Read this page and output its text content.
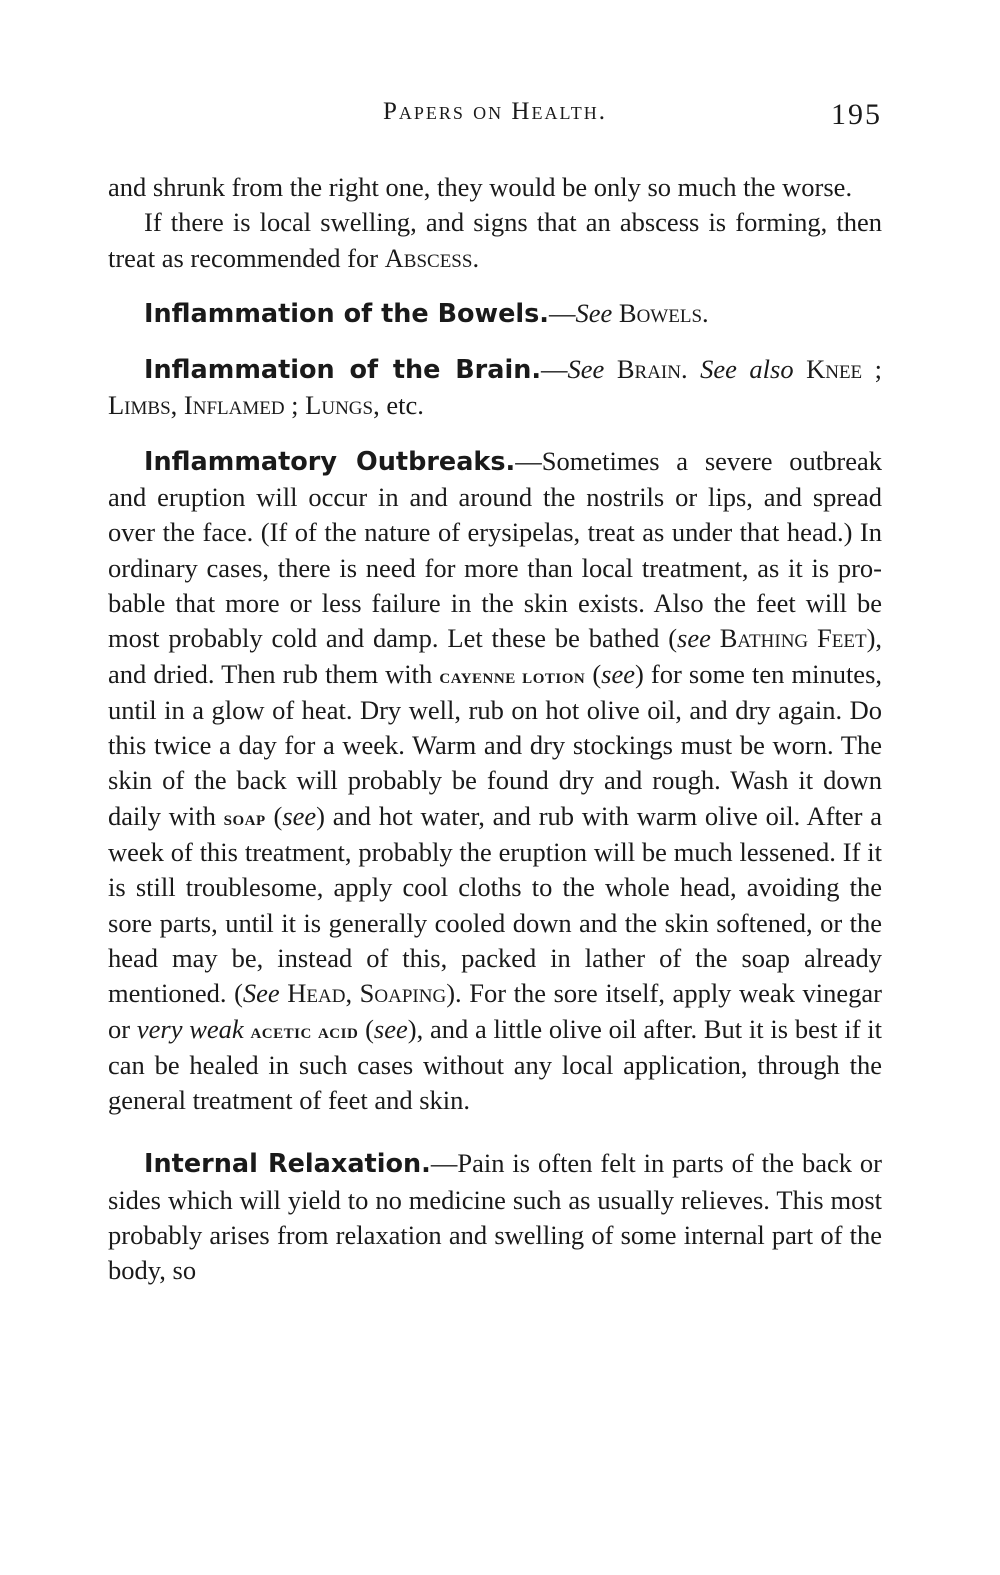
Papers on Health.	195

and shrunk from the right one, they would be only so much the worse.

If there is local swelling, and signs that an abscess is forming, then treat as recommended for Abscess.

Inflammation of the Bowels.—See Bowels.

Inflammation of the Brain.—See Brain. See also Knee ; Limbs, Inflamed ; Lungs, etc.

Inflammatory Outbreaks.—Sometimes a severe outbreak and eruption will occur in and around the nostrils or lips, and spread over the face. (If of the nature of erysipelas, treat as under that head.) In ordinary cases, there is need for more than local treatment, as it is probable that more or less failure in the skin exists. Also the feet will be most probably cold and damp. Let these be bathed (see Bathing Feet), and dried. Then rub them with cayenne lotion (see) for some ten minutes, until in a glow of heat. Dry well, rub on hot olive oil, and dry again. Do this twice a day for a week. Warm and dry stockings must be worn. The skin of the back will probably be found dry and rough. Wash it down daily with soap (see) and hot water, and rub with warm olive oil. After a week of this treatment, probably the eruption will be much lessened. If it is still troublesome, apply cool cloths to the whole head, avoiding the sore parts, until it is generally cooled down and the skin softened, or the head may be, instead of this, packed in lather of the soap already mentioned. (See Head, Soaping). For the sore itself, apply weak vinegar or very weak acetic acid (see), and a little olive oil after. But it is best if it can be healed in such cases without any local application, through the general treatment of feet and skin.

Internal Relaxation.—Pain is often felt in parts of the back or sides which will yield to no medicine such as usually relieves. This most probably arises from relaxation and swelling of some internal part of the body, so
